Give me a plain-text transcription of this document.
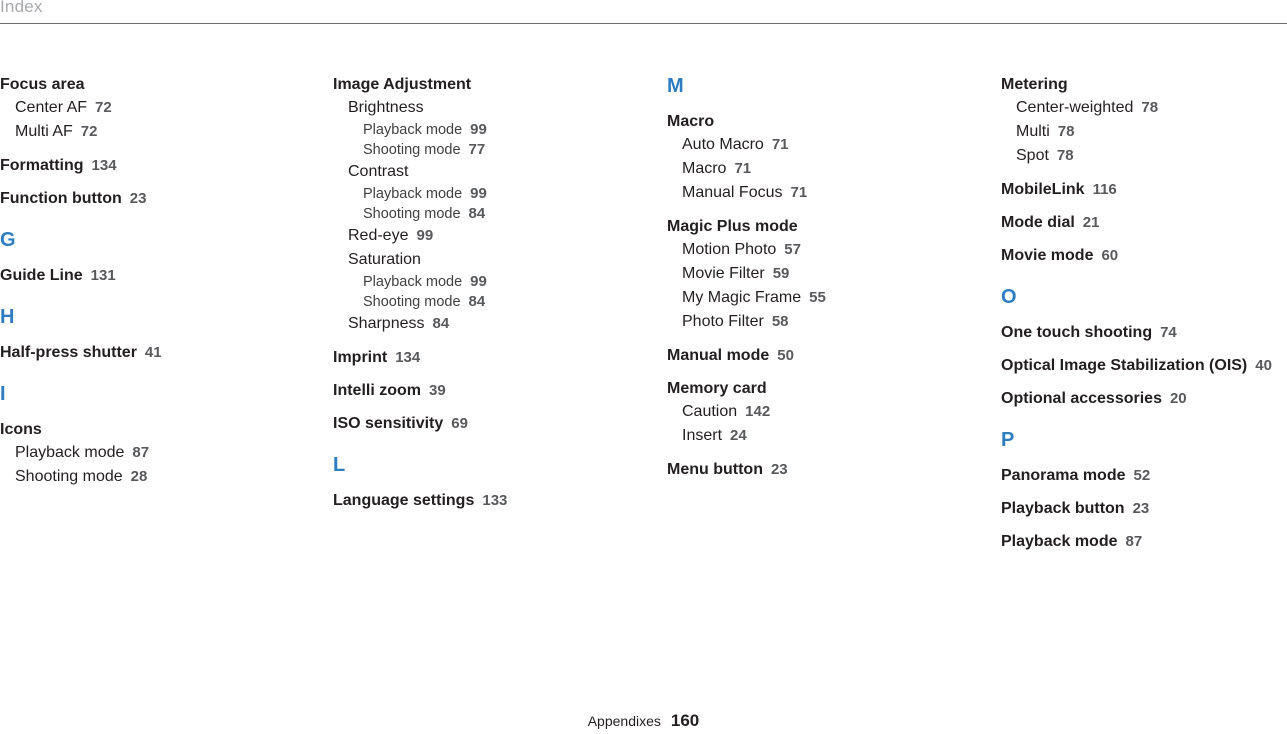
Index
Focus area
Center AF 72
Multi AF 72
Formatting 134
Function button 23
G
Guide Line 131
H
Half-press shutter 41
I
Icons
Playback mode 87
Shooting mode 28
Image Adjustment
Brightness
Playback mode 99
Shooting mode 77
Contrast
Playback mode 99
Shooting mode 84
Red-eye 99
Saturation
Playback mode 99
Shooting mode 84
Sharpness 84
Imprint 134
Intelli zoom 39
ISO sensitivity 69
L
Language settings 133
M
Macro
Auto Macro 71
Macro 71
Manual Focus 71
Magic Plus mode
Motion Photo 57
Movie Filter 59
My Magic Frame 55
Photo Filter 58
Manual mode 50
Memory card
Caution 142
Insert 24
Menu button 23
Metering
Center-weighted 78
Multi 78
Spot 78
MobileLink 116
Mode dial 21
Movie mode 60
O
One touch shooting 74
Optical Image Stabilization (OIS) 40
Optional accessories 20
P
Panorama mode 52
Playback button 23
Playback mode 87
Appendixes 160
